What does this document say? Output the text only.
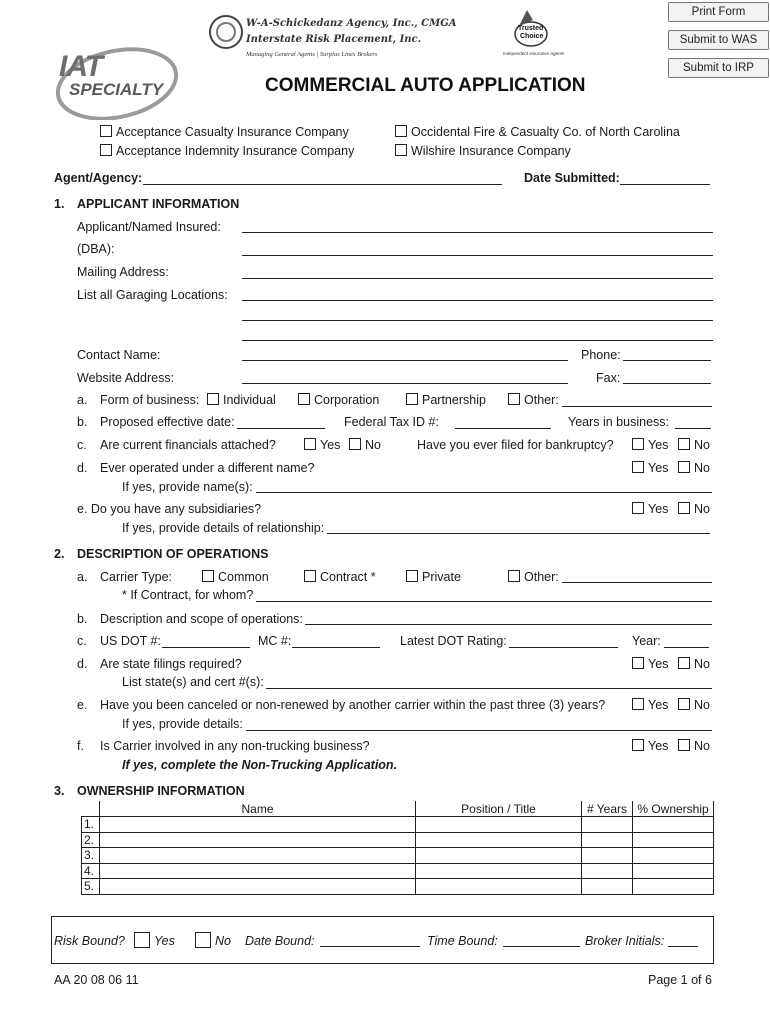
Print Form
Submit to WAS
Submit to IRP
IAT
SPECIALTY
W-A-Schickedanz Agency, Inc., CMGA
Interstate Risk Placement, Inc.
Managing General Agents | Surplus Lines Brokers
Trusted
Choice
Independent Insurance Agents
COMMERCIAL AUTO APPLICATION
Acceptance Casualty Insurance Company
Acceptance Indemnity Insurance Company
Occidental Fire & Casualty Co. of North Carolina
Wilshire Insurance Company
Agent/Agency:	Date Submitted:
1. APPLICANT INFORMATION
Applicant/Named Insured:
(DBA):
Mailing Address:
List all Garaging Locations:
Contact Name:	Phone:
Website Address:	Fax:
a. Form of business:	Individual	Corporation	Partnership	Other:
b. Proposed effective date:	Federal Tax ID #:	Years in business:
c. Are current financials attached?	Yes	No	Have you ever filed for bankruptcy?	Yes	No
d. Ever operated under a different name?	Yes	No
If yes, provide name(s):
e. Do you have any subsidiaries?	Yes	No
If yes, provide details of relationship:
2. DESCRIPTION OF OPERATIONS
a. Carrier Type:	Common	Contract *	Private	Other:
* If Contract, for whom?
b. Description and scope of operations:
c. US DOT #:	MC #:	Latest DOT Rating:	Year:
d. Are state filings required?	Yes	No
List state(s) and cert #(s):
e. Have you been canceled or non-renewed by another carrier within the past three (3) years?	Yes	No
If yes, provide details:
f. Is Carrier involved in any non-trucking business?	Yes	No
If yes, complete the Non-Trucking Application.
3. OWNERSHIP INFORMATION
	Name	Position / Title	# Years	% Ownership
1.				
2.				
3.				
4.				
5.				
Risk Bound?	Yes	No Date Bound:	Time Bound:	Broker Initials:
AA 20 08 06 11	Page 1 of 6
